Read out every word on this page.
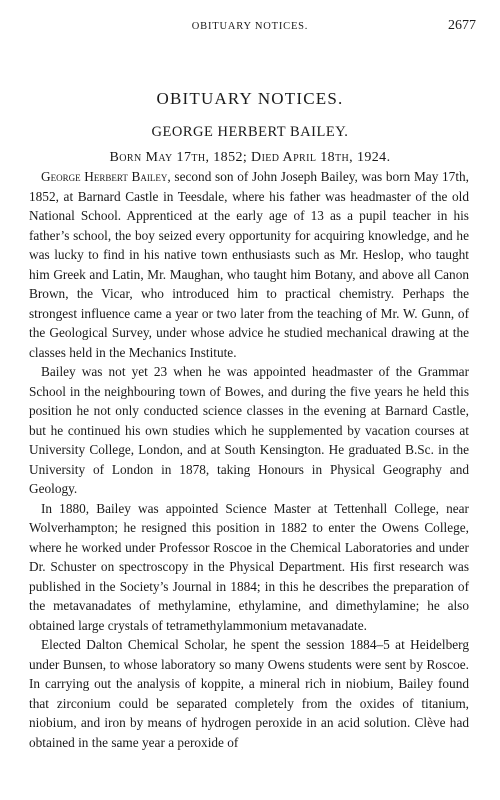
OBITUARY NOTICES.	2677
OBITUARY NOTICES.
GEORGE HERBERT BAILEY.
Born May 17th, 1852; Died April 18th, 1924.

George Herbert Bailey, second son of John Joseph Bailey, was born May 17th, 1852, at Barnard Castle in Teesdale, where his father was headmaster of the old National School. Apprenticed at the early age of 13 as a pupil teacher in his father’s school, the boy seized every opportunity for acquiring knowledge, and he was lucky to find in his native town enthusiasts such as Mr. Heslop, who taught him Greek and Latin, Mr. Maughan, who taught him Botany, and above all Canon Brown, the Vicar, who introduced him to practical chemistry. Perhaps the strongest influence came a year or two later from the teaching of Mr. W. Gunn, of the Geological Survey, under whose advice he studied mechanical drawing at the classes held in the Mechanics Institute.

Bailey was not yet 23 when he was appointed headmaster of the Grammar School in the neighbouring town of Bowes, and during the five years he held this position he not only conducted science classes in the evening at Barnard Castle, but he continued his own studies which he supplemented by vacation courses at University College, London, and at South Kensington. He graduated B.Sc. in the University of London in 1878, taking Honours in Physical Geography and Geology.

In 1880, Bailey was appointed Science Master at Tettenhall College, near Wolverhampton; he resigned this position in 1882 to enter the Owens College, where he worked under Professor Roscoe in the Chemical Laboratories and under Dr. Schuster on spectroscopy in the Physical Department. His first research was published in the Society’s Journal in 1884; in this he describes the preparation of the metavanadates of methylamine, ethylamine, and dimethylamine; he also obtained large crystals of tetramethylammonium metavanadate.

Elected Dalton Chemical Scholar, he spent the session 1884–5 at Heidelberg under Bunsen, to whose laboratory so many Owens students were sent by Roscoe. In carrying out the analysis of koppite, a mineral rich in niobium, Bailey found that zirconium could be separated completely from the oxides of titanium, niobium, and iron by means of hydrogen peroxide in an acid solution. Clève had obtained in the same year a peroxide of
